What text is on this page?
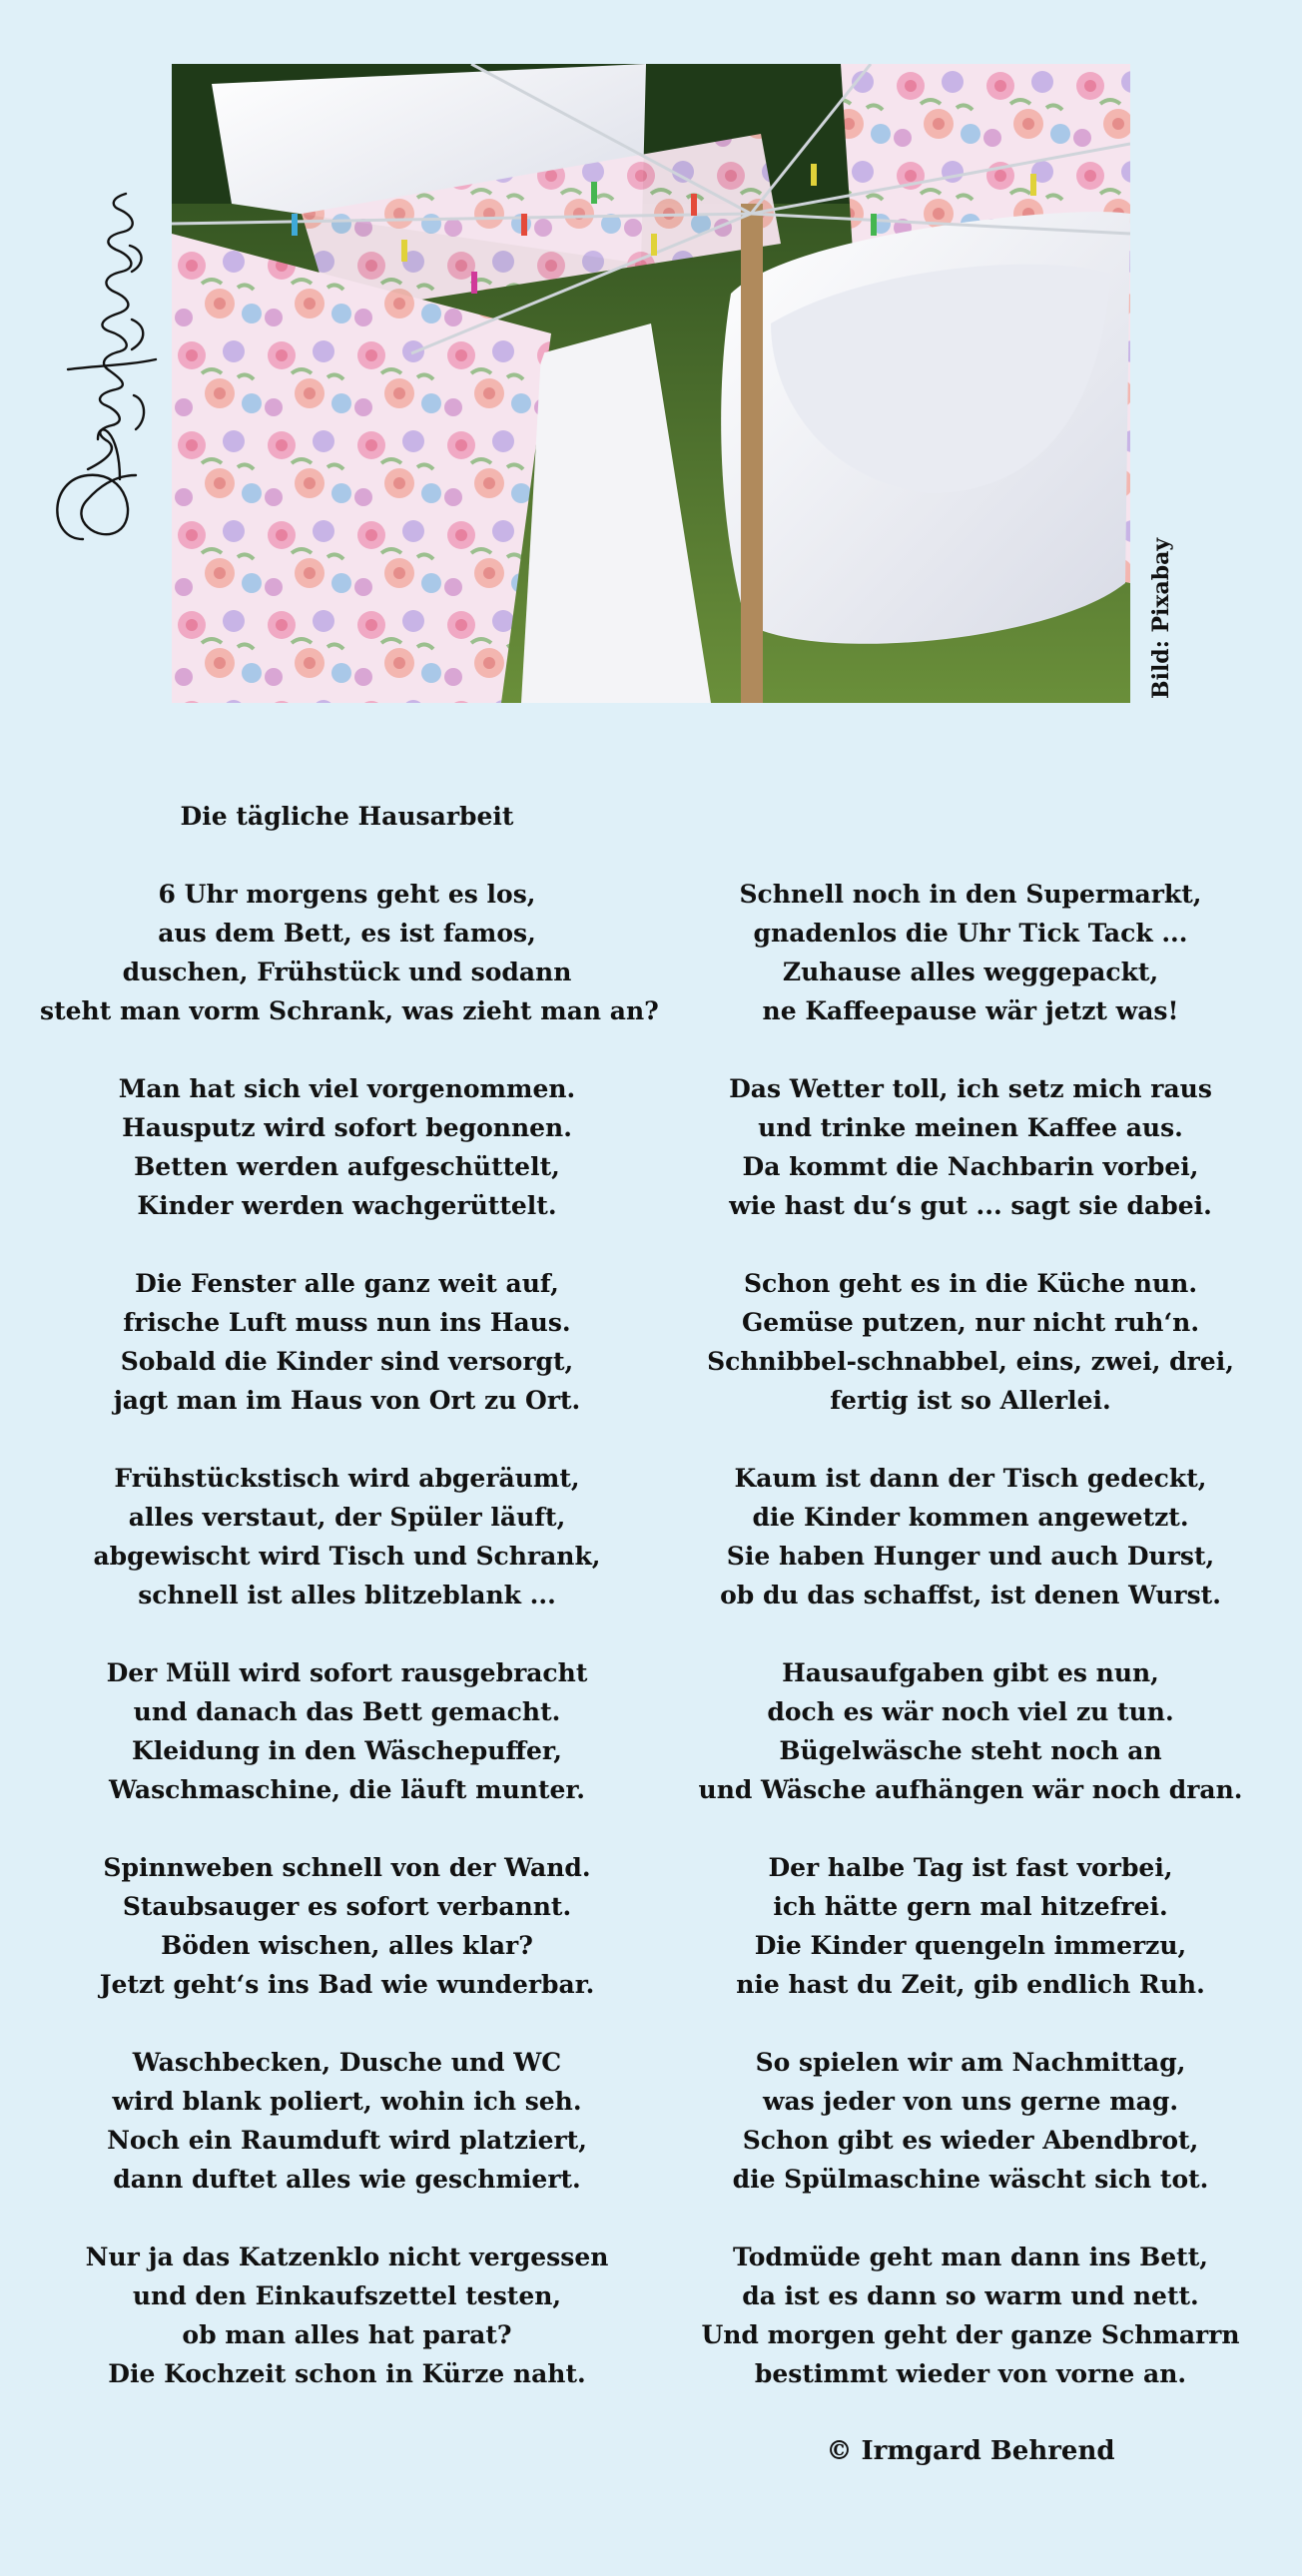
Bild: Pixabay
Die tägliche Hausarbeit
6 Uhr morgens geht es los,
aus dem Bett, es ist famos,
duschen, Frühstück und sodann
steht man vorm Schrank, was zieht man an?
Man hat sich viel vorgenommen.
Hausputz wird sofort begonnen.
Betten werden aufgeschüttelt,
Kinder werden wachgerüttelt.
Die Fenster alle ganz weit auf,
frische Luft muss nun ins Haus.
Sobald die Kinder sind versorgt,
jagt man im Haus von Ort zu Ort.
Frühstückstisch wird abgeräumt,
alles verstaut, der Spüler läuft,
abgewischt wird Tisch und Schrank,
schnell ist alles blitzeblank ...
Der Müll wird sofort rausgebracht
und danach das Bett gemacht.
Kleidung in den Wäschepuffer,
Waschmaschine, die läuft munter.
Spinnweben schnell von der Wand.
Staubsauger es sofort verbannt.
Böden wischen, alles klar?
Jetzt geht‘s ins Bad wie wunderbar.
Waschbecken, Dusche und WC
wird blank poliert, wohin ich seh.
Noch ein Raumduft wird platziert,
dann duftet alles wie geschmiert.
Nur ja das Katzenklo nicht vergessen
und den Einkaufszettel testen,
ob man alles hat parat?
Die Kochzeit schon in Kürze naht.
Schnell noch in den Supermarkt,
gnadenlos die Uhr Tick Tack ...
Zuhause alles weggepackt,
ne Kaffeepause wär jetzt was!
Das Wetter toll, ich setz mich raus
und trinke meinen Kaffee aus.
Da kommt die Nachbarin vorbei,
wie hast du‘s gut ... sagt sie dabei.
Schon geht es in die Küche nun.
Gemüse putzen, nur nicht ruh‘n.
Schnibbel-schnabbel, eins, zwei, drei,
fertig ist so Allerlei.
Kaum ist dann der Tisch gedeckt,
die Kinder kommen angewetzt.
Sie haben Hunger und auch Durst,
ob du das schaffst, ist denen Wurst.
Hausaufgaben gibt es nun,
doch es wär noch viel zu tun.
Bügelwäsche steht noch an
und Wäsche aufhängen wär noch dran.
Der halbe Tag ist fast vorbei,
ich hätte gern mal hitzefrei.
Die Kinder quengeln immerzu,
nie hast du Zeit, gib endlich Ruh.
So spielen wir am Nachmittag,
was jeder von uns gerne mag.
Schon gibt es wieder Abendbrot,
die Spülmaschine wäscht sich tot.
Todmüde geht man dann ins Bett,
da ist es dann so warm und nett.
Und morgen geht der ganze Schmarrn
bestimmt wieder von vorne an.
© Irmgard Behrend
